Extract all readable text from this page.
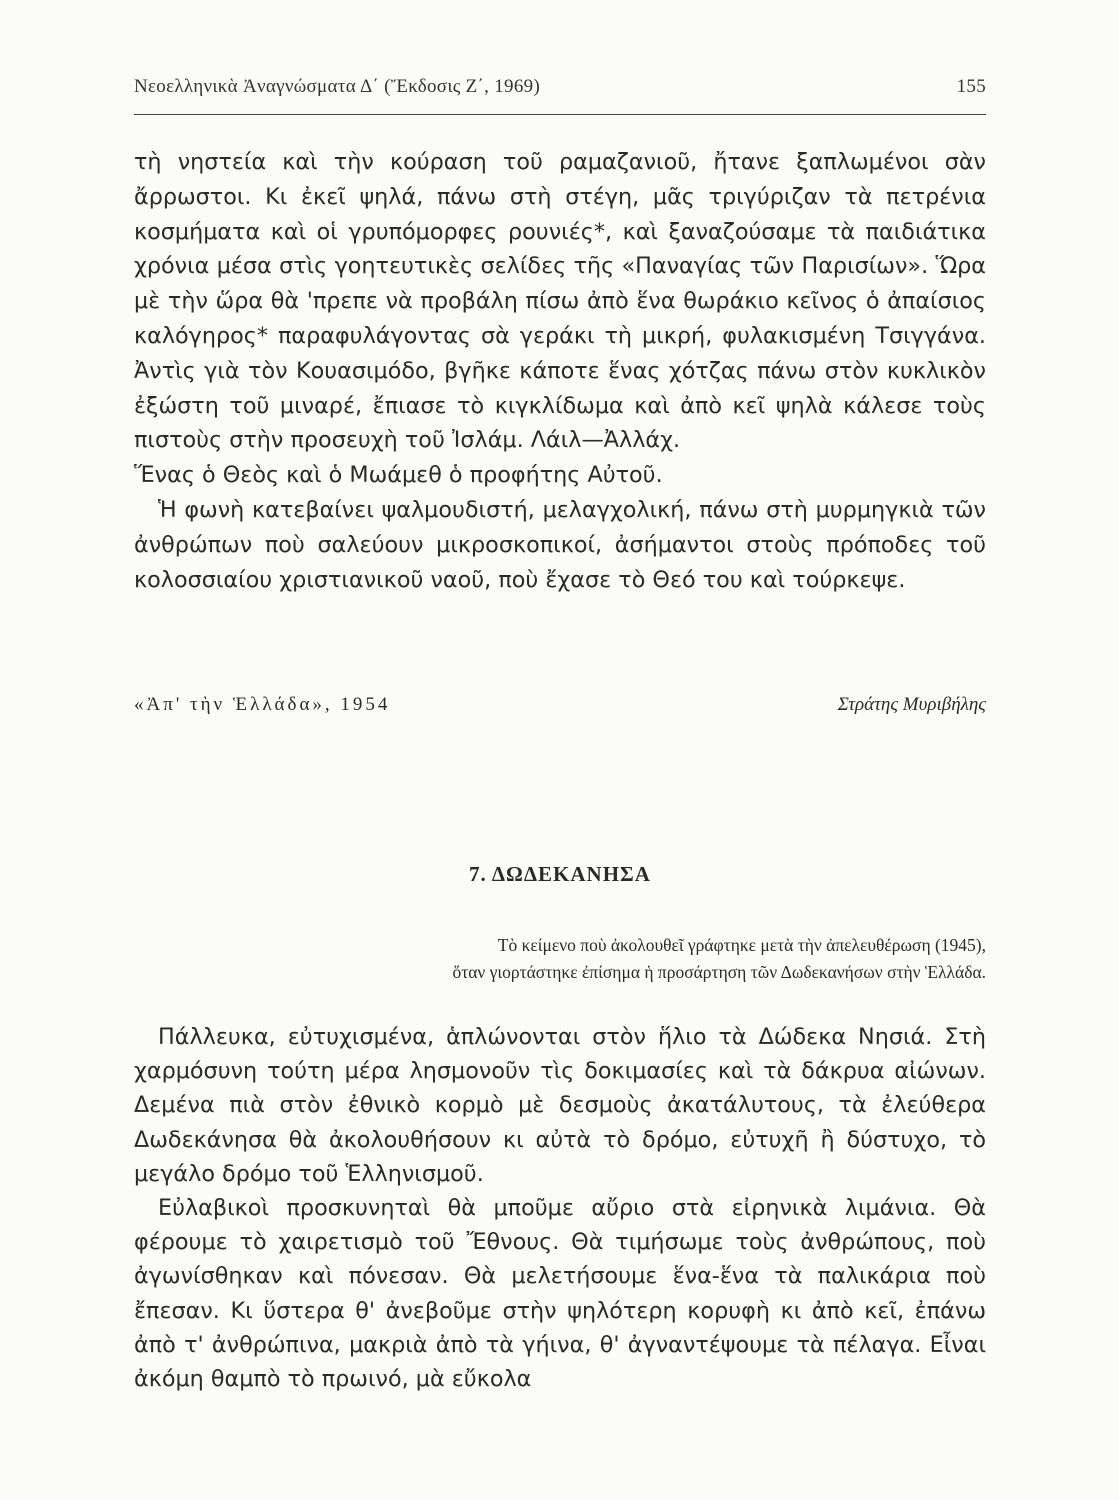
Νεοελληνικὰ Ἀναγνώσματα Δ΄ (Ἔκδοσις Ζ΄, 1969)	155

τὴ νηστεία καὶ τὴν κούραση τοῦ ραμαζανιοῦ, ἤτανε ξαπλωμένοι σὰν ἄρρωστοι. Κι ἐκεῖ ψηλά, πάνω στὴ στέγη, μᾶς τριγύριζαν τὰ πετρένια κοσμήματα καὶ οἱ γρυπόμορφες ρουνιές*, καὶ ξαναζούσαμε τὰ παιδιάτικα χρόνια μέσα στὶς γοητευτικὲς σελίδες τῆς «Παναγίας τῶν Παρισίων». Ὥρα μὲ τὴν ὥρα θὰ 'πρεπε νὰ προβάλη πίσω ἀπὸ ἕνα θωράκιο κεῖνος ὁ ἀπαίσιος καλόγηρος* παραφυλάγοντας σὰ γεράκι τὴ μικρή, φυλακισμένη Τσιγγάνα. Ἀντὶς γιὰ τὸν Κουασιμόδο, βγῆκε κάποτε ἕνας χότζας πάνω στὸν κυκλικὸν ἐξώστη τοῦ μιναρέ, ἔπιασε τὸ κιγκλίδωμα καὶ ἀπὸ κεῖ ψηλὰ κάλεσε τοὺς πιστοὺς στὴν προσευχὴ τοῦ Ἰσλάμ. Λάιλ—Ἀλλάχ.

Ἕνας ὁ Θεὸς καὶ ὁ Μωάμεθ ὁ προφήτης Αὐτοῦ.

Ἡ φωνὴ κατεβαίνει ψαλμουδιστή, μελαγχολική, πάνω στὴ μυρμηγκιὰ τῶν ἀνθρώπων ποὺ σαλεύουν μικροσκοπικοί, ἀσήμαντοι στοὺς πρόποδες τοῦ κολοσσιαίου χριστιανικοῦ ναοῦ, ποὺ ἔχασε τὸ Θεό του καὶ τούρκεψε.

«Ἀπ' τὴν Ἑλλάδα», 1954	Στράτης Μυριβήλης
7. ΔΩΔΕΚΑΝΗΣΑ
Τὸ κείμενο ποὺ ἀκολουθεῖ γράφτηκε μετὰ τὴν ἀπελευθέρωση (1945),
ὅταν γιορτάστηκε ἐπίσημα ἡ προσάρτηση τῶν Δωδεκανήσων στὴν Ἑλλάδα.

Πάλλευκα, εὐτυχισμένα, ἁπλώνονται στὸν ἥλιο τὰ Δώδεκα Νησιά. Στὴ χαρμόσυνη τούτη μέρα λησμονοῦν τὶς δοκιμασίες καὶ τὰ δάκρυα αἰώνων. Δεμένα πιὰ στὸν ἐθνικὸ κορμὸ μὲ δεσμοὺς ἀκατάλυτους, τὰ ἐλεύθερα Δωδεκάνησα θὰ ἀκολουθήσουν κι αὐτὰ τὸ δρόμο, εὐτυχῆ ἢ δύστυχο, τὸ μεγάλο δρόμο τοῦ Ἑλληνισμοῦ.

Εὐλαβικοὶ προσκυνηταὶ θὰ μποῦμε αὔριο στὰ εἰρηνικὰ λιμάνια. Θὰ φέρουμε τὸ χαιρετισμὸ τοῦ Ἔθνους. Θὰ τιμήσωμε τοὺς ἀνθρώπους, ποὺ ἀγωνίσθηκαν καὶ πόνεσαν. Θὰ μελετήσουμε ἕνα-ἕνα τὰ παλικάρια ποὺ ἔπεσαν. Κι ὕστερα θ' ἀνεβοῦμε στὴν ψηλότερη κορυφὴ κι ἀπὸ κεῖ, ἐπάνω ἀπὸ τ' ἀνθρώπινα, μακριὰ ἀπὸ τὰ γήινα, θ' ἀγναντέψουμε τὰ πέλαγα. Εἶναι ἀκόμη θαμπὸ τὸ πρωινό, μὰ εὔκολα
